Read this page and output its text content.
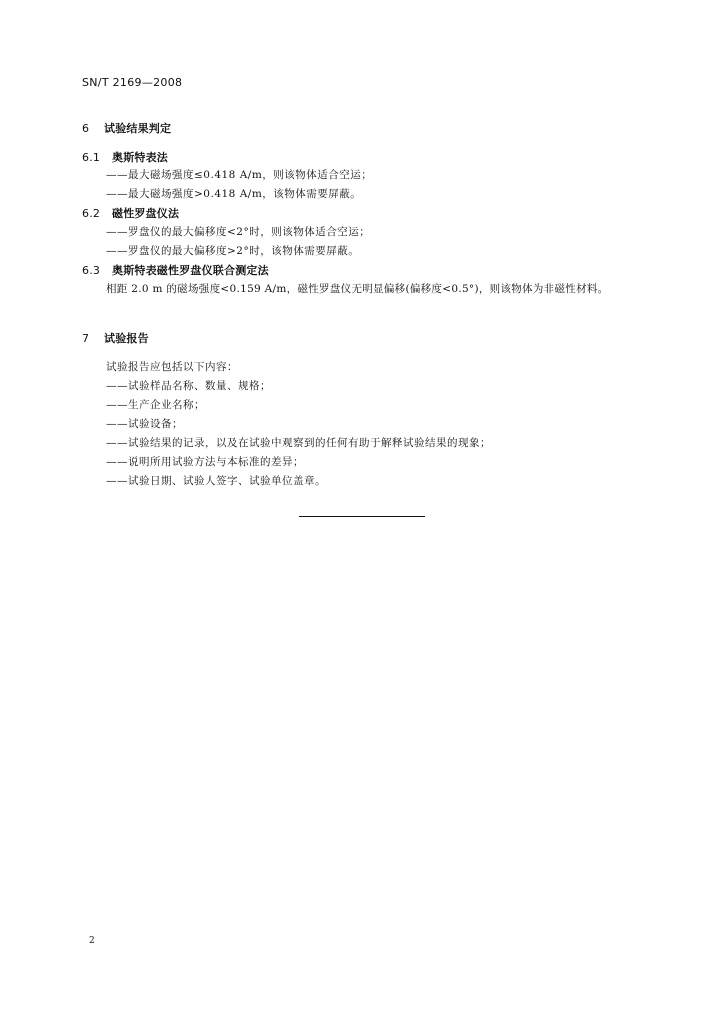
SN/T 2169—2008
6 试验结果判定
6.1 奥斯特表法
——最大磁场强度≤0.418 A/m，则该物体适合空运；
——最大磁场强度>0.418 A/m，该物体需要屏蔽。
6.2 磁性罗盘仪法
——罗盘仪的最大偏移度<2°时，则该物体适合空运；
——罗盘仪的最大偏移度>2°时，该物体需要屏蔽。
6.3 奥斯特表磁性罗盘仪联合测定法
相距 2.0 m 的磁场强度<0.159 A/m，磁性罗盘仪无明显偏移(偏移度<0.5°)，则该物体为非磁性材料。
7 试验报告
试验报告应包括以下内容：
——试验样品名称、数量、规格；
——生产企业名称；
——试验设备；
——试验结果的记录，以及在试验中观察到的任何有助于解释试验结果的现象；
——说明所用试验方法与本标准的差异；
——试验日期、试验人签字、试验单位盖章。
2
